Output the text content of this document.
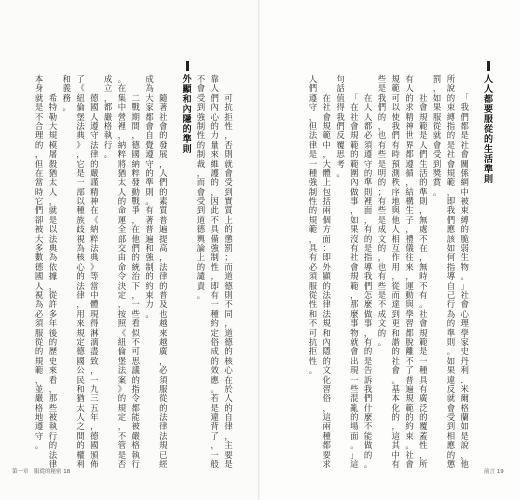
人
人
都
要
服
從
的
生
活
準
則
「
我
們
都
是
社
會
關
係
網
中
被
束
縛
的
脆
弱
生
物
。
」
社
會
心
理
學
家
史
丹
利
．
米
爾
格
蘭
如
是
說
，
他
所
說
的
束
縛
指
的
是
社
會
規
範
，
即
我
們
應
該
如
何
指
導
自
己
行
為
的
準
則
。
如
果
違
反
就
會
受
到
相
應
的
懲
罰
，
如
果
服
從
就
會
受
到
獎
賞
。
社
會
規
範
是
人
們
生
活
的
準
則
，
無
處
不
在
，
無
時
不
有
。
社
會
規
範
是
一
種
具
有
廣
泛
的
覆
蓋
性
，
所
有
人
的
求
精
神
世
界
都
遵
循
，
結
構
生
子
，
禮
儀
往
來
，
運
動
與
學
習
都
脫
離
不
了
普
遍
規
範
的
約
束
。
社
會
規
範
可
以
使
我
們
有
時
預
測
秩
序
地
與
他
人
相
互
作
用
，
從
而
達
到
更
和
諧
的
社
會
。
基
本
化
的
，
這
其
中
有
些
是
我
們
的
，
也
有
些
是
明
的
；
有
些
是
成
文
的
，
也
有
些
是
不
成
文
的
。
在
人
人
都
必
須
遵
守
的
準
則
裡
面
，
有
的
是
指
導
我
們
怎
麼
做
事
，
有
的
是
告
訴
我
們
什
麼
不
能
做
的
。
「
在
社
會
規
範
的
範
圍
內
做
事
，
如
果
沒
有
社
會
規
範
，
那
麼
事
物
就
會
出
現
一
些
混
亂
的
場
面
。
」
這
句
話
值
得
我
們
反
覆
思
考
。
在
社
會
規
範
中
，
大
體
上
包
括
兩
個
方
面
：
即
外
顯
的
法
律
法
規
和
內
隱
的
文
化
習
俗
，
這
兩
種
都
要
求
人
們
遵
守
，
但
法
律
是
一
種
強
制
性
的
規
範
，
具
有
必
須
服
從
性
和
不
可
抗
拒
性
。
可
抗
拒
性
，
否
則
就
會
受
到
實
質
上
的
懲
罰
；
而
道
德
則
不
同
，
道
德
的
核
心
在
於
人
的
自
律
，
主
要
是
靠
人
們
內
心
的
力
量
來
維
護
的
，
因
此
不
具
備
強
制
性
，
即
有
一
種
約
定
俗
成
的
效
應
。
若
是
違
背
了
，
一
般
不
會
受
到
強
制
性
的
制
裁
，
而
會
受
到
道
德
輿
論
上
的
譴
責
。
外
顯
和
內
隱
的
準
則
隨
著
社
會
的
發
展
，
人
們
的
素
質
普
遍
提
高
，
法
律
的
普
及
也
越
來
越
廣
，
必
須
服
從
的
法
律
法
規
已
經
成
為
大
家
都
會
自
覺
遵
守
的
準
則
。
有
著
普
遍
和
強
制
的
約
束
力
。
二
戰
期
間
，
德
國
納
粹
發
動
戰
爭
，
在
他
們
的
統
治
下
，
一
些
看
似
不
可
思
議
的
指
令
都
能
被
嚴
格
執
行
。
在
集
中
營
裡
，
納
粹
將
猶
太
人
的
命
運
全
部
交
由
命
令
決
定
，
按
照
《
紐
倫
堡
法
案
》
的
規
定
，
不
管
是
否
成
立
，
都
嚴
格
執
行
。
德
國
人
遵
守
法
律
的
嚴
謹
精
神
在
《
納
粹
法
典
》
等
當
中
體
現
得
淋
漓
盡
致
，
一
九
三
五
年
，
德
國
頒
佈
了
《
紐
倫
堡
法
典
》
，
它
是
一
部
以
種
族
歧
視
為
核
心
的
法
律
，
用
來
規
定
德
國
公
民
和
猶
太
人
之
間
的
權
利
和
義
務
。
希
特
勒
大
規
模
屠
殺
猶
太
人
，
就
是
以
法
典
為
依
據
，
從
許
多
年
後
的
歷
史
來
看
，
那
些
被
執
行
的
法
律
本
身
就
是
不
合
理
的
，
但
在
當
時
它
們
卻
被
大
多
數
德
國
人
視
為
必
須
服
從
的
規
範
，
並
嚴
格
地
遵
守
。
第一章　服從的秘密 18	前言 19
